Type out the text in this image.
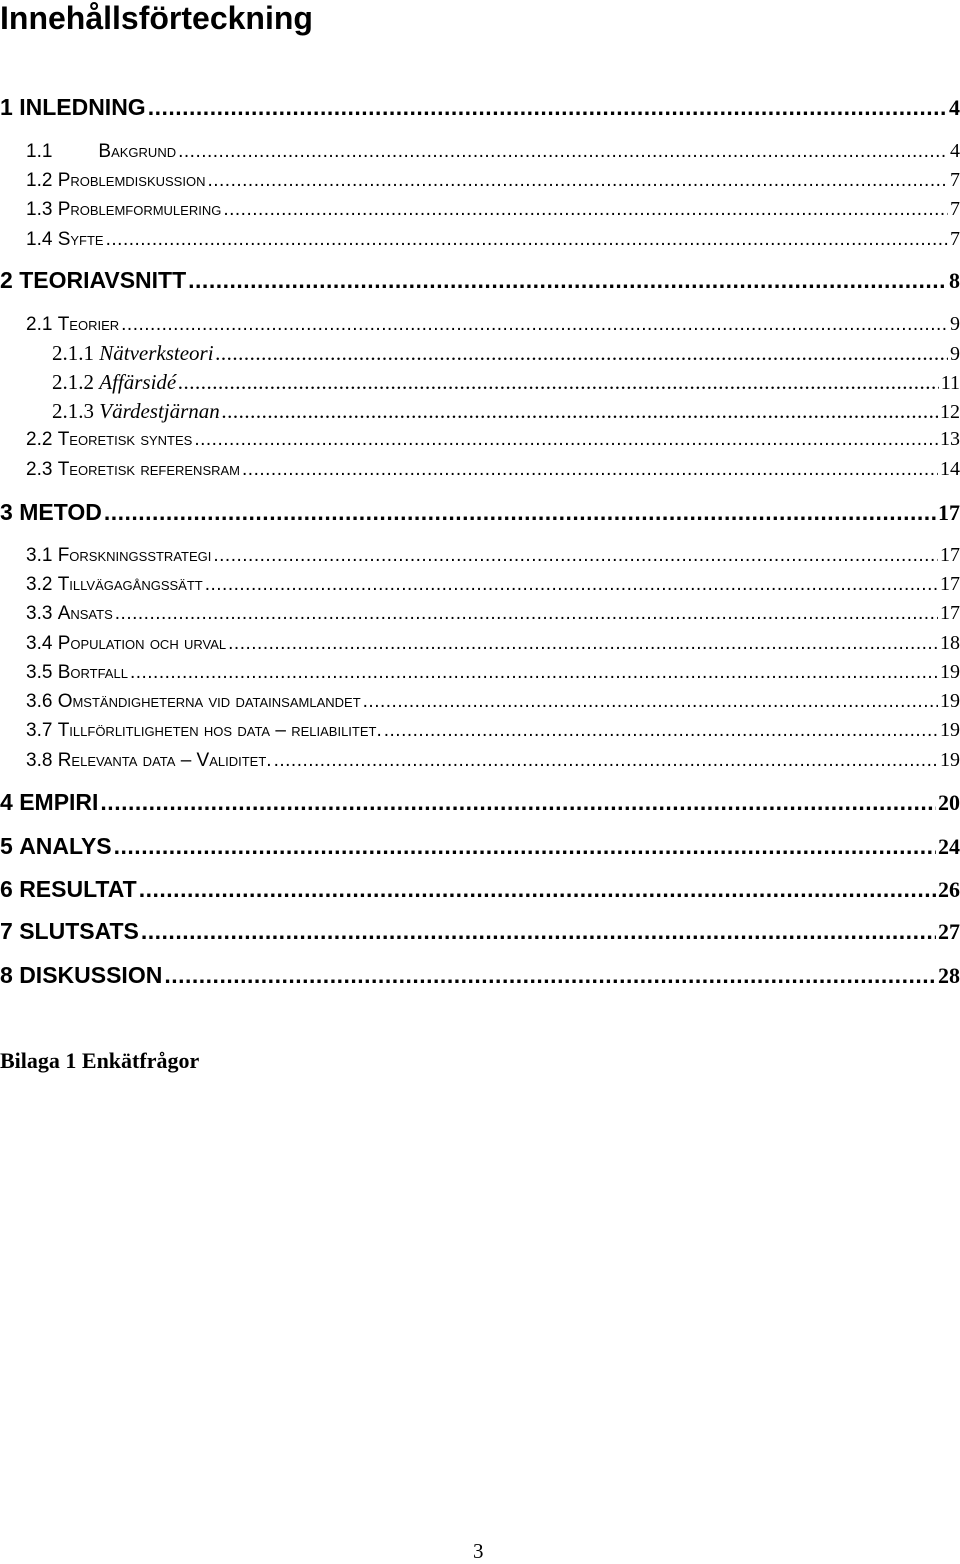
Innehållsförteckning
1
INLEDNING .....	4
1.1 Bakgrund .....	4
1.2
Problemdiskussion .....	7
1.3
Problemformulering .....	7
1.4
Syfte .....	7
2
TEORIAVSNITT .....	8
2.1
Teorier .....	9
2.1.1
Nätverksteori .....	9
2.1.2
Affärsidé .....	11
2.1.3
Värdestjärnan .....	12
2.2
Teoretisk syntes .....	13
2.3
Teoretisk referensram .....	14
3
METOD .....	17
3.1
Forskningsstrategi .....	17
3.2
Tillvägagångssätt .....	17
3.3
Ansats .....	17
3.4
Population och urval .....	18
3.5
Bortfall .....	19
3.6
Omständigheterna vid datainsamlandet .....	19
3.7
Tillförlitligheten hos data – reliabilitet. .....	19
3.8
Relevanta data – Validitet. .....	19
4
EMPIRI .....	20
5
ANALYS .....	24
6
RESULTAT .....	26
7
SLUTSATS .....	27
8
DISKUSSION .....	28
Bilaga 1 Enkätfrågor
3
